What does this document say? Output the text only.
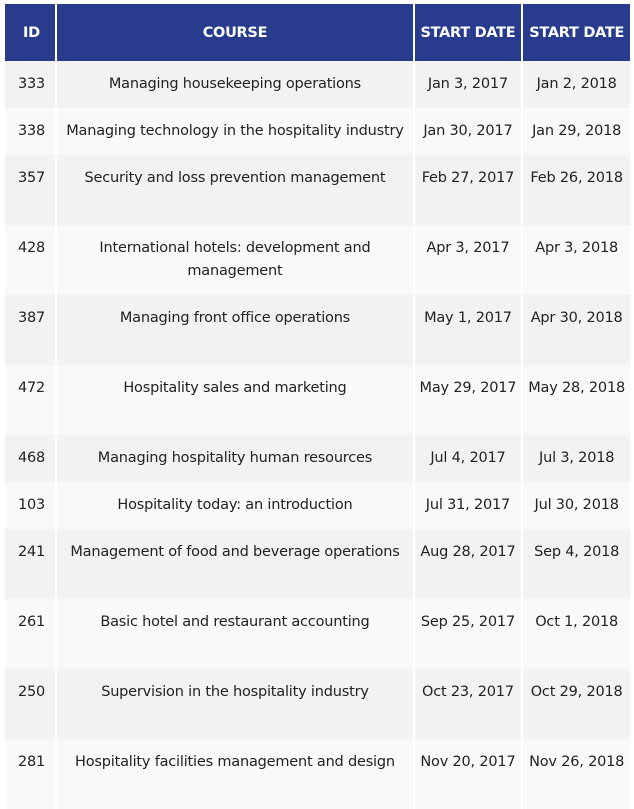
ID	COURSE	START DATE	START DATE
333	Managing housekeeping operations	Jan 3, 2017	Jan 2, 2018
338	Managing technology in the hospitality industry	Jan 30, 2017	Jan 29, 2018
357	Security and loss prevention management	Feb 27, 2017	Feb 26, 2018
428	International hotels: development and management	Apr 3, 2017	Apr 3, 2018
387	Managing front office operations	May 1, 2017	Apr 30, 2018
472	Hospitality sales and marketing	May 29, 2017	May 28, 2018
468	Managing hospitality human resources	Jul 4, 2017	Jul 3, 2018
103	Hospitality today: an introduction	Jul 31, 2017	Jul 30, 2018
241	Management of food and beverage operations	Aug 28, 2017	Sep 4, 2018
261	Basic hotel and restaurant accounting	Sep 25, 2017	Oct 1, 2018
250	Supervision in the hospitality industry	Oct 23, 2017	Oct 29, 2018
281	Hospitality facilities management and design	Nov 20, 2017	Nov 26, 2018
